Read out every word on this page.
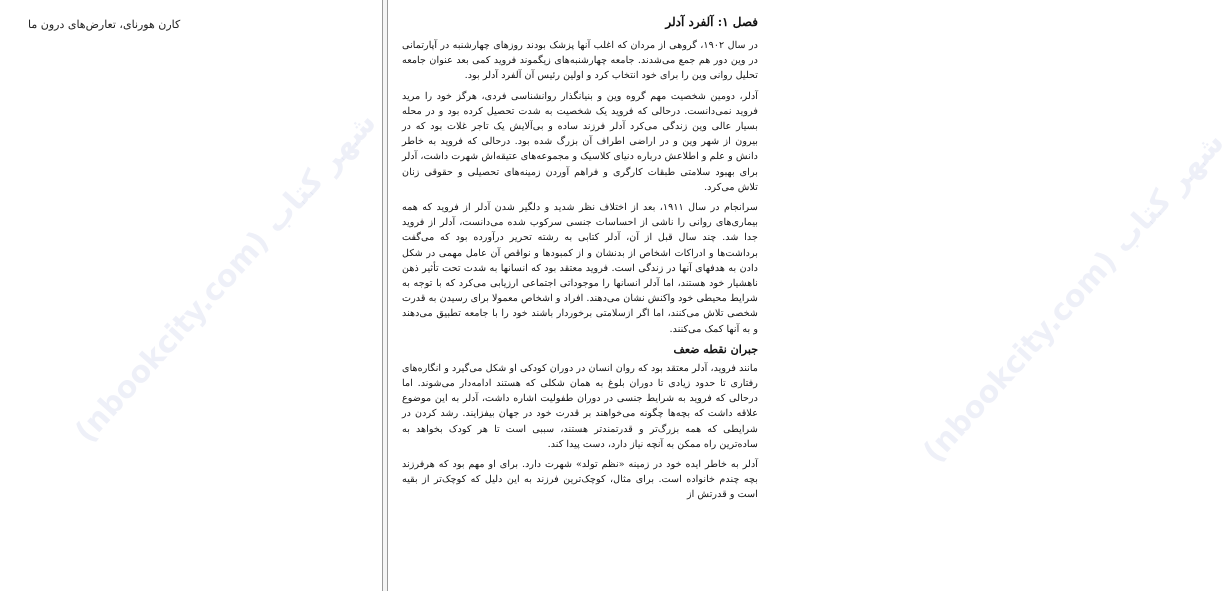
کارن هورنای، تعارض‌های درون ما
(nbookcity.com) شهر کتاب
(nbookcity.com) شهر کتاب
فصل ۱: آلفرد آدلر

در سال ۱۹۰۲، گروهی از مردان که اغلب آنها پزشک بودند روزهای چهارشنبه در آپارتمانی در وین دور هم جمع می‌شدند. جامعه چهارشنبه‌های زیگموند فروید کمی بعد عنوان جامعه تحلیل روانی وین را برای خود انتخاب کرد و اولین رئیس آن آلفرد آدلر بود.

آدلر، دومین شخصیت مهم گروه وین و بنیانگذار روانشناسی فردی، هرگز خود را مرید فروید نمی‌دانست. درحالی که فروید یک شخصیت به شدت تحصیل کرده بود و در محله بسیار عالی وین زندگی می‌کرد آدلر فرزند ساده و بی‌آلایش یک تاجر غلات بود که در بیرون از شهر وین و در اراضی اطراف آن بزرگ شده بود. درحالی که فروید به خاطر دانش و علم و اطلاعش درباره دنیای کلاسیک و مجموعه‌های عتیقه‌اش شهرت داشت، آدلر برای بهبود سلامتی طبقات کارگری و فراهم آوردن زمینه‌های تحصیلی و حقوقی زنان تلاش می‌کرد.

سرانجام در سال ۱۹۱۱، بعد از اختلاف نظر شدید و دلگیر شدن آدلر از فروید که همه بیماری‌های روانی را ناشی از احساسات جنسی سرکوب شده می‌دانست، آدلر از فروید جدا شد. چند سال قبل از آن، آدلر کتابی به رشته تحریر درآورده بود که می‌گفت برداشت‌ها و ادراکات اشخاص از بدنشان و از کمبودها و نواقص آن عامل مهمی در شکل دادن به هدفهای آنها در زندگی است. فروید معتقد بود که انسانها به شدت تحت تأثیر ذهن ناهشیار خود هستند، اما آدلر انسانها را موجوداتی اجتماعی ارزیابی می‌کرد که با توجه به شرایط محیطی خود واکنش نشان می‌دهند. افراد و اشخاص معمولا برای رسیدن به قدرت شخصی تلاش می‌کنند، اما اگر ازسلامتی برخوردار باشند خود را با جامعه تطبیق می‌دهند و به آنها کمک می‌کنند.

جبران نقطه ضعف

مانند فروید، آدلر معتقد بود که روان انسان در دوران کودکی او شکل می‌گیرد و انگاره‌های رفتاری تا حدود زیادی تا دوران بلوغ به همان شکلی که هستند ادامه‌دار می‌شوند. اما درحالی که فروید به شرایط جنسی در دوران طفولیت اشاره داشت، آدلر به این موضوع علاقه داشت که بچه‌ها چگونه می‌خواهند بر قدرت خود در جهان بیفزایند. رشد کردن در شرایطی که همه بزرگ‌تر و قدرتمندتر هستند، سببی است تا هر کودک بخواهد به ساده‌ترین راه ممکن به آنچه نیاز دارد، دست پیدا کند.

آدلر به خاطر ایده خود در زمینه «نظم تولد» شهرت دارد. برای او مهم بود که هرفرزند بچه چندم خانواده است. برای مثال، کوچک‌ترین فرزند به این دلیل که کوچک‌تر از بقیه است و قدرتش از
